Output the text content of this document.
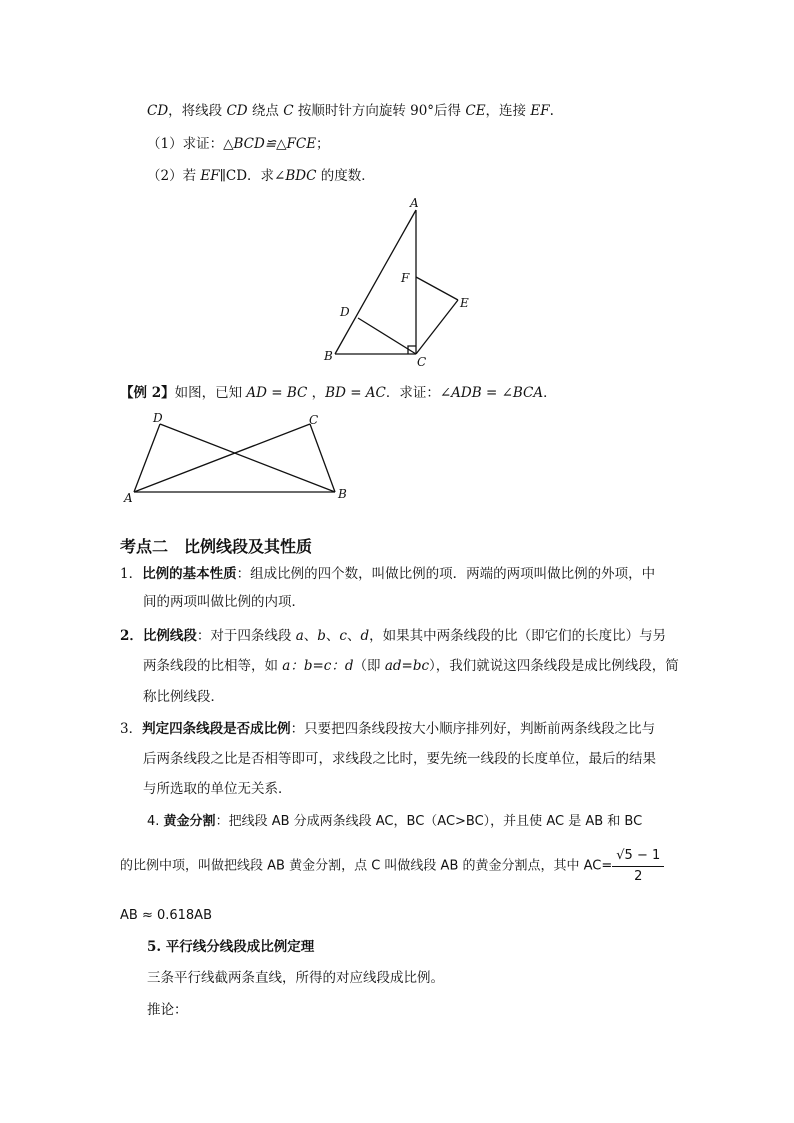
CD，将线段 CD 绕点 C 按顺时针方向旋转 90°后得 CE，连接 EF.
（1）求证：△BCD≌△FCE；
（2）若 EF∥CD．求∠BDC 的度数．
A
F
E
D
B	C
【例 2】如图，已知 AD = BC ，BD = AC．求证：∠ADB = ∠BCA．
D	C
A	B
考点二　比例线段及其性质
1．比例的基本性质：组成比例的四个数，叫做比例的项．两端的两项叫做比例的外项，中
间的两项叫做比例的内项．
2．比例线段：对于四条线段 a、b、c、d，如果其中两条线段的比（即它们的长度比）与另
两条线段的比相等，如 a：b=c：d（即 ad=bc），我们就说这四条线段是成比例线段，简
称比例线段．
3．判定四条线段是否成比例：只要把四条线段按大小顺序排列好，判断前两条线段之比与
后两条线段之比是否相等即可，求线段之比时，要先统一线段的长度单位，最后的结果
与所选取的单位无关系．
4. 黄金分割：把线段 AB 分成两条线段 AC，BC（AC>BC），并且使 AC 是 AB 和 BC
的比例中项，叫做把线段 AB 黄金分割，点 C 叫做线段 AB 的黄金分割点，其中 $AC= \frac{√5 - 1}{2}$
AB ≈ 0.618AB
5. 平行线分线段成比例定理
三条平行线截两条直线，所得的对应线段成比例。
推论：
